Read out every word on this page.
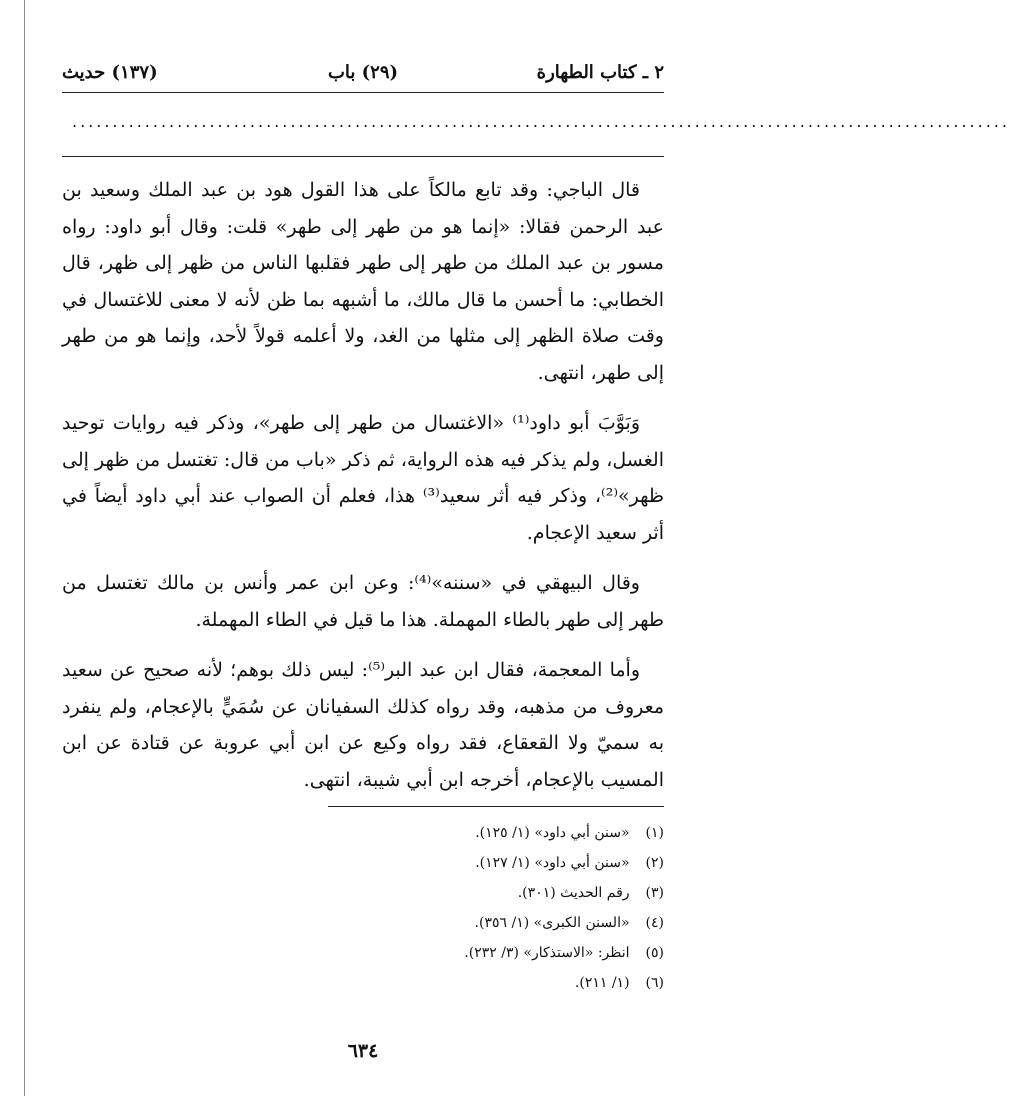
٢ ـ كتاب الطهارة
(٢٩) باب
(١٣٧) حديث
....................................................................................................................

قال الباجي: وقد تابع مالكاً على هذا القول هود بن عبد الملك وسعيد بن عبد الرحمن فقالا: «إنما هو من طهر إلى طهر» قلت: وقال أبو داود: رواه مسور بن عبد الملك من طهر إلى طهر فقلبها الناس من ظهر إلى ظهر، قال الخطابي: ما أحسن ما قال مالك، ما أشبهه بما ظن لأنه لا معنى للاغتسال في وقت صلاة الظهر إلى مثلها من الغد، ولا أعلمه قولاً لأحد، وإنما هو من طهر إلى طهر، انتهى.

وَبَوَّبَ أبو داود⁽¹⁾ «الاغتسال من طهر إلى طهر»، وذكر فيه روايات توحيد الغسل، ولم يذكر فيه هذه الرواية، ثم ذكر «باب من قال: تغتسل من ظهر إلى ظهر»⁽²⁾، وذكر فيه أثر سعيد⁽³⁾ هذا، فعلم أن الصواب عند أبي داود أيضاً في أثر سعيد الإعجام.

وقال البيهقي في «سننه»⁽⁴⁾: وعن ابن عمر وأنس بن مالك تغتسل من طهر إلى طهر بالطاء المهملة. هذا ما قيل في الطاء المهملة.

وأما المعجمة، فقال ابن عبد البر⁽⁵⁾: ليس ذلك بوهم؛ لأنه صحيح عن سعيد معروف من مذهبه، وقد رواه كذلك السفيانان عن سُمَيٍّ بالإعجام، ولم ينفرد به سميّ ولا القعقاع، فقد رواه وكيع عن ابن أبي عروبة عن قتادة عن ابن المسيب بالإعجام، أخرجه ابن أبي شيبة، انتهى.

(١) «سنن أبي داود» (١/ ١٢٥).

(٢) «سنن أبي داود» (١/ ١٢٧).

(٣) رقم الحديث (٣٠١).

(٤) «السنن الكبرى» (١/ ٣٥٦).

(٥) انظر: «الاستذكار» (٣/ ٢٣٢).

(٦) (١/ ٢١١).

٦٣٤
